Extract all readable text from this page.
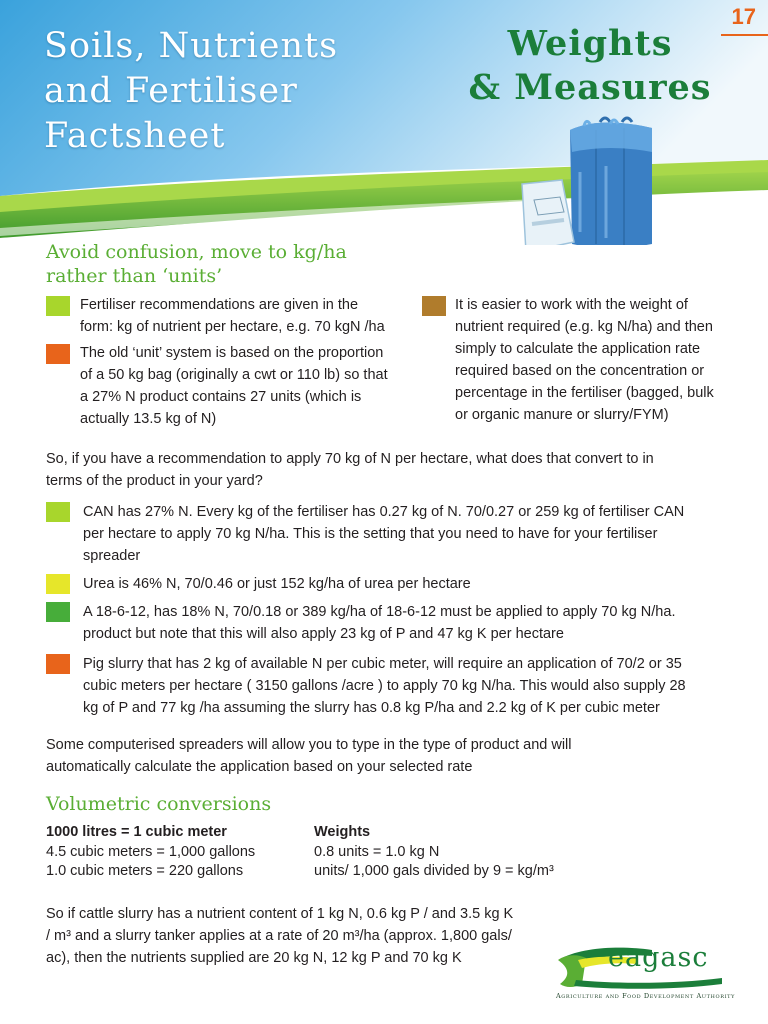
17
Soils, Nutrients
and Fertiliser
Factsheet
Weights
& Measures
Avoid confusion, move to kg/ha
rather than ‘units’
Fertiliser recommendations are given in the
form: kg of nutrient per hectare, e.g. 70 kgN /ha
The old ‘unit’ system is based on the proportion
of a 50 kg bag (originally a cwt or 110 lb) so that
a 27% N product contains 27 units (which is
actually 13.5 kg of N)
It is easier to work with the weight of
nutrient required (e.g. kg N/ha) and then
simply to calculate the application rate
required based on the concentration or
percentage in the fertiliser (bagged, bulk
or organic manure or slurry/FYM)
So, if you have a recommendation to apply 70 kg of N per hectare, what does that convert to in
terms of the product in your yard?
CAN has 27% N. Every kg of the fertiliser has 0.27 kg of N. 70/0.27 or 259 kg of fertiliser CAN
per hectare to apply 70 kg N/ha. This is the setting that you need to have for your fertiliser
spreader
Urea is 46% N, 70/0.46 or just 152 kg/ha of urea per hectare
A 18-6-12, has 18% N, 70/0.18 or 389 kg/ha of 18-6-12 must be applied to apply 70 kg N/ha.
product but note that this will also apply 23 kg of P and 47 kg K per hectare
Pig slurry that has 2 kg of available N per cubic meter, will require an application of 70/2 or 35
cubic meters per hectare ( 3150 gallons /acre ) to apply 70 kg N/ha. This would also supply 28
kg of P and 77 kg /ha assuming the slurry has 0.8 kg P/ha and 2.2 kg of K per cubic meter
Some computerised spreaders will allow you to type in the type of product and will
automatically calculate the application based on your selected rate
Volumetric conversions
1000 litres = 1 cubic meter
4.5 cubic meters = 1,000 gallons
1.0 cubic meters = 220 gallons
Weights
0.8 units = 1.0 kg N
units/ 1,000 gals divided by 9 = kg/m³
So if cattle slurry has a nutrient content of 1 kg N, 0.6 kg P / and 3.5 kg K
/ m³ and a slurry tanker applies at a rate of 20 m³/ha (approx. 1,800 gals/
ac), then the nutrients supplied are 20 kg N, 12 kg P and 70 kg K	eagasc
Agriculture and Food Development Authority
